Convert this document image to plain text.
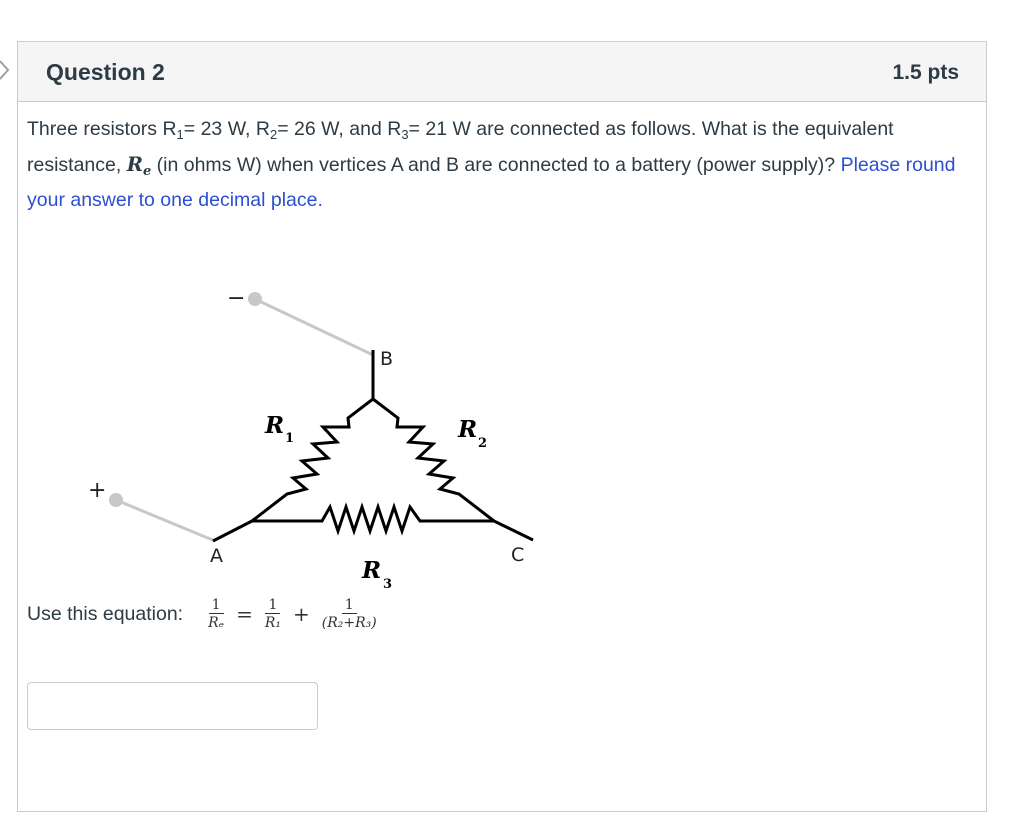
Question 2	1.5 pts
Three resistors $R_1= 23$ W, $R_2= 26$ W, and $R_3= 21$ W are connected as follows. What is the equivalent resistance, $R_e$ (in ohms W) when vertices A and B are connected to a battery (power supply)? Please round your answer to one decimal place.
−
+
B
A	C
R 1	R
2
R
3
Use this equation: $\frac{1}{\text{Rₑ}} = \frac{1}{\text{R₁}} + \frac{1}{\text{(R₂+R₃)}}$
